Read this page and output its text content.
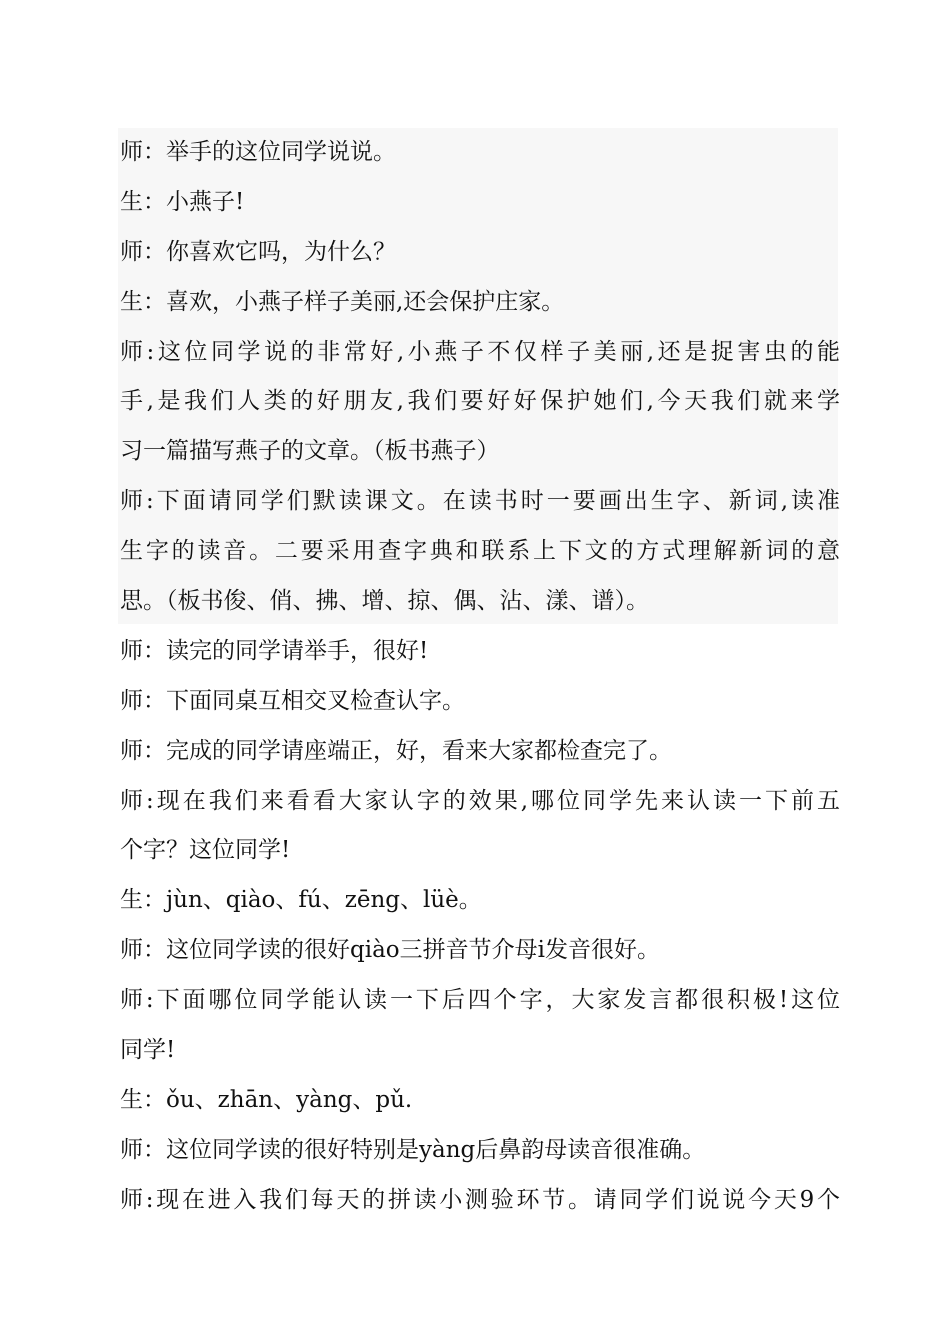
师：举手的这位同学说说。
生：小燕子!
师：你喜欢它吗，为什么？
生：喜欢，小燕子样子美丽,还会保护庄家。
师:这位同学说的非常好,小燕子不仅样子美丽,还是捉害虫的能
手,是我们人类的好朋友,我们要好好保护她们,今天我们就来学
习一篇描写燕子的文章。（板书燕子）
师:下面请同学们默读课文。在读书时一要画出生字、新词,读准
生字的读音。二要采用查字典和联系上下文的方式理解新词的意
思。（板书俊、俏、拂、增、掠、偶、沾、漾、谱）。
师：读完的同学请举手，很好!
师：下面同桌互相交叉检查认字。
师：完成的同学请座端正，好，看来大家都检查完了。
师:现在我们来看看大家认字的效果,哪位同学先来认读一下前五
个字？这位同学!
生：jùn、qiào、fú、zēng、lüè。
师：这位同学读的很好qiào三拼音节介母i发音很好。
师:下面哪位同学能认读一下后四个字，大家发言都很积极!这位
同学!
生：ǒu、zhān、yàng、pǔ.
师：这位同学读的很好特别是yàng后鼻韵母读音很准确。
师:现在进入我们每天的拼读小测验环节。请同学们说说今天9个
